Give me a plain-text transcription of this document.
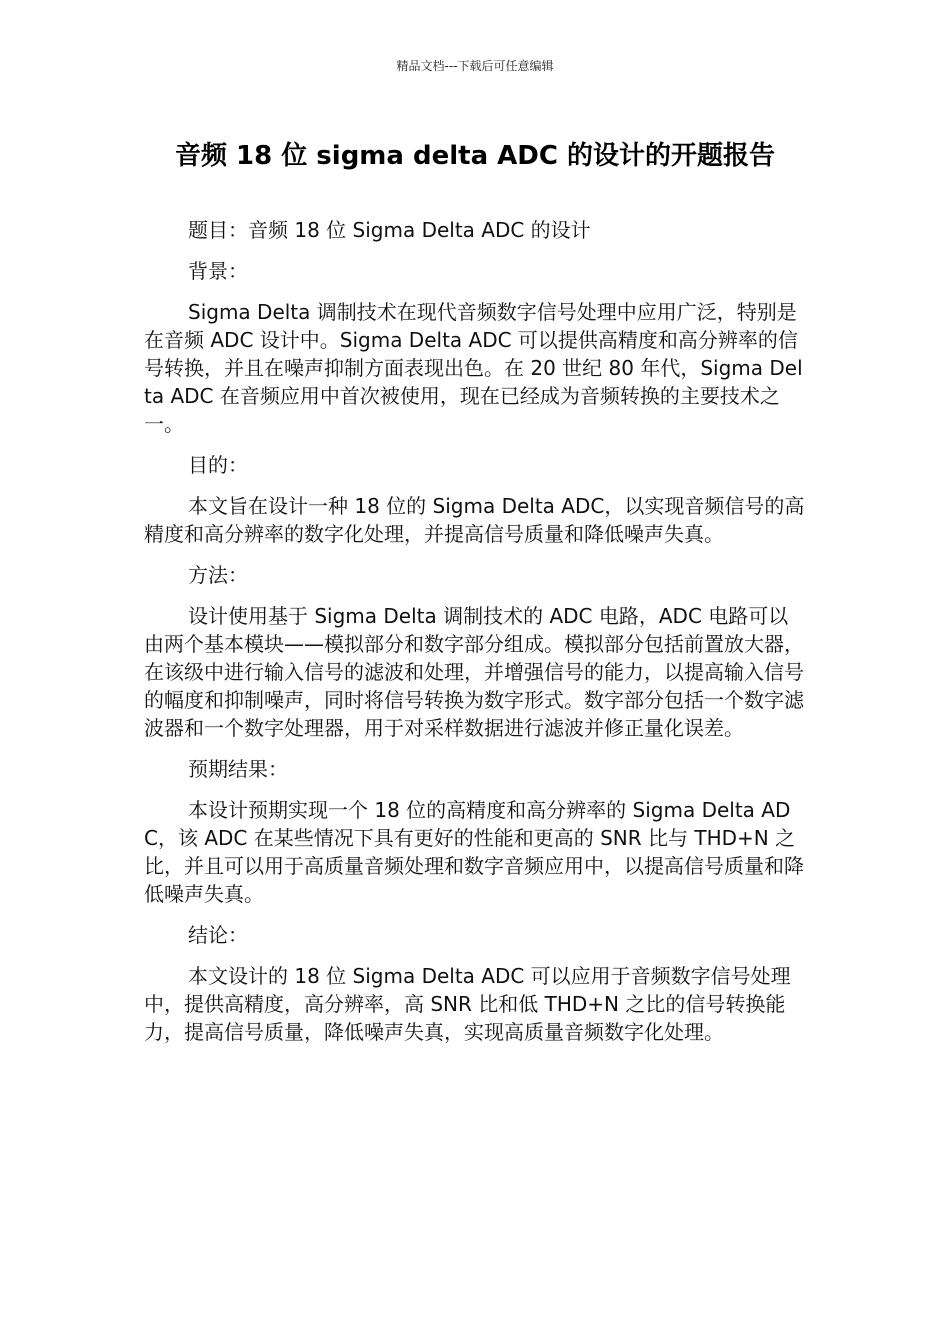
精品文档---下载后可任意编辑
音频 18 位 sigma delta ADC 的设计的开题报告

题目：音频 18 位 Sigma Delta ADC 的设计

背景：

Sigma Delta 调制技术在现代音频数字信号处理中应用广泛，特别是在音频 ADC 设计中。Sigma Delta ADC 可以提供高精度和高分辨率的信号转换，并且在噪声抑制方面表现出色。在 20 世纪 80 年代，Sigma Delta ADC 在音频应用中首次被使用，现在已经成为音频转换的主要技术之一。

目的：

本文旨在设计一种 18 位的 Sigma Delta ADC，以实现音频信号的高精度和高分辨率的数字化处理，并提高信号质量和降低噪声失真。

方法：

设计使用基于 Sigma Delta 调制技术的 ADC 电路，ADC 电路可以由两个基本模块——模拟部分和数字部分组成。模拟部分包括前置放大器，在该级中进行输入信号的滤波和处理，并增强信号的能力，以提高输入信号的幅度和抑制噪声，同时将信号转换为数字形式。数字部分包括一个数字滤波器和一个数字处理器，用于对采样数据进行滤波并修正量化误差。

预期结果：

本设计预期实现一个 18 位的高精度和高分辨率的 Sigma Delta ADC，该 ADC 在某些情况下具有更好的性能和更高的 SNR 比与 THD+N 之比，并且可以用于高质量音频处理和数字音频应用中，以提高信号质量和降低噪声失真。

结论：

本文设计的 18 位 Sigma Delta ADC 可以应用于音频数字信号处理中，提供高精度，高分辨率，高 SNR 比和低 THD+N 之比的信号转换能力，提高信号质量，降低噪声失真，实现高质量音频数字化处理。
